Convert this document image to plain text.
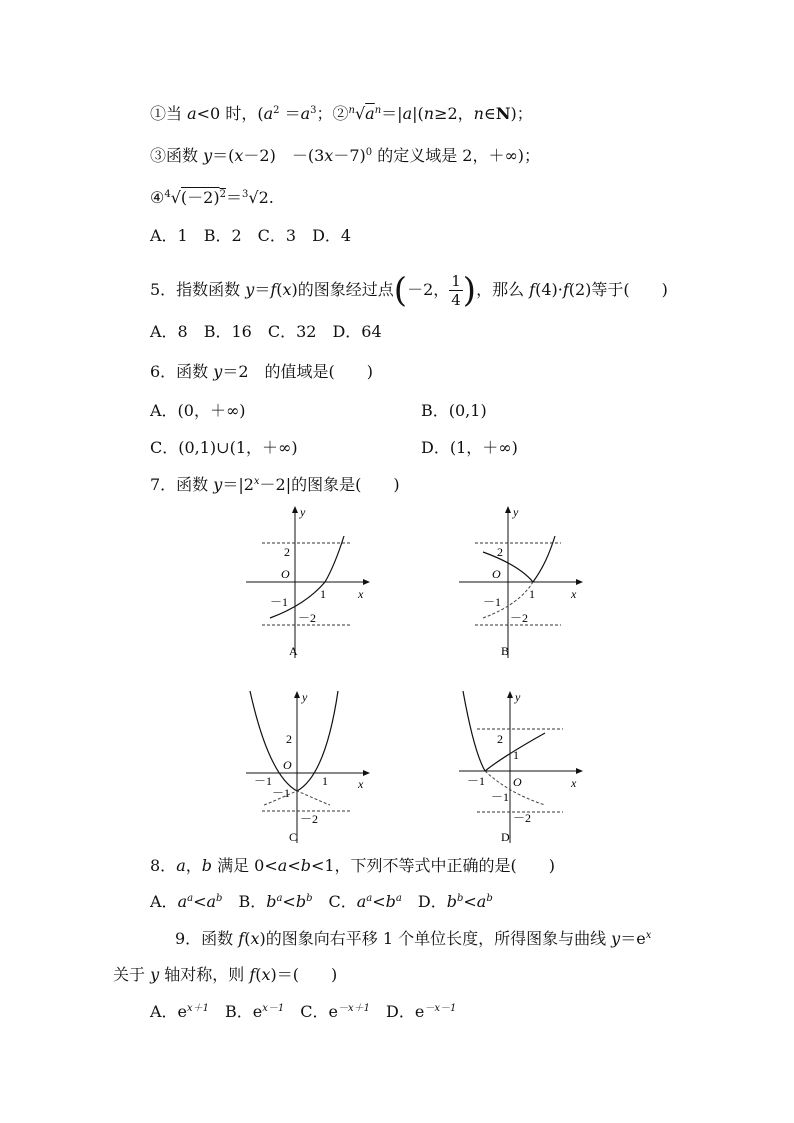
①当 a<0 时，($a^2 =a^3$；$②^n√a^n=|a|(n\ge 2$，n∈N)；
③函数 y＝(x－2)　$-(3x-7)^0$ 的定义域是 2，＋∞)；
$④^4√(-2)^2=^3√2$.
A．1　B．2　C．3　D．4
5．指数函数 y＝f(x)的图象经过点(－2， $\frac{1}{4}$ )，那么 f(4)·f(2)等于(　　)
A．8　B．16　C．32　D．64
6．函数 y＝2　的值域是(　　)
A．(0，＋∞)	B．(0,1)
C．(0,1)∪(1，＋∞)	D．(1，＋∞)
7．函数 $y=|2^x-2|$的图象是(　　)
y
x
O
2
－1
－2
1
A
y
x
O
2
－1
－2
1
B
y
x
O
2
－1
－1
－2
1
C
y
x
O
2
1
－1
－1
－2
D
8．a，b 满足 0<a<b<1，下列不等式中正确的是(　　)
A．$a^a<a^b$　B．$b^a<b^b$　C．$a^a<b^a$　D．$b^b<a^b$
9．函数 f(x)的图象向右平移 1 个单位长度，所得图象与曲线 $y=e^x$
关于 y 轴对称，则 f(x)＝(　　)
A．$e^{x+1}$　B．$e^{x-1}$　C．$e^{-x+1}$　D．$e^{-x-1}$
